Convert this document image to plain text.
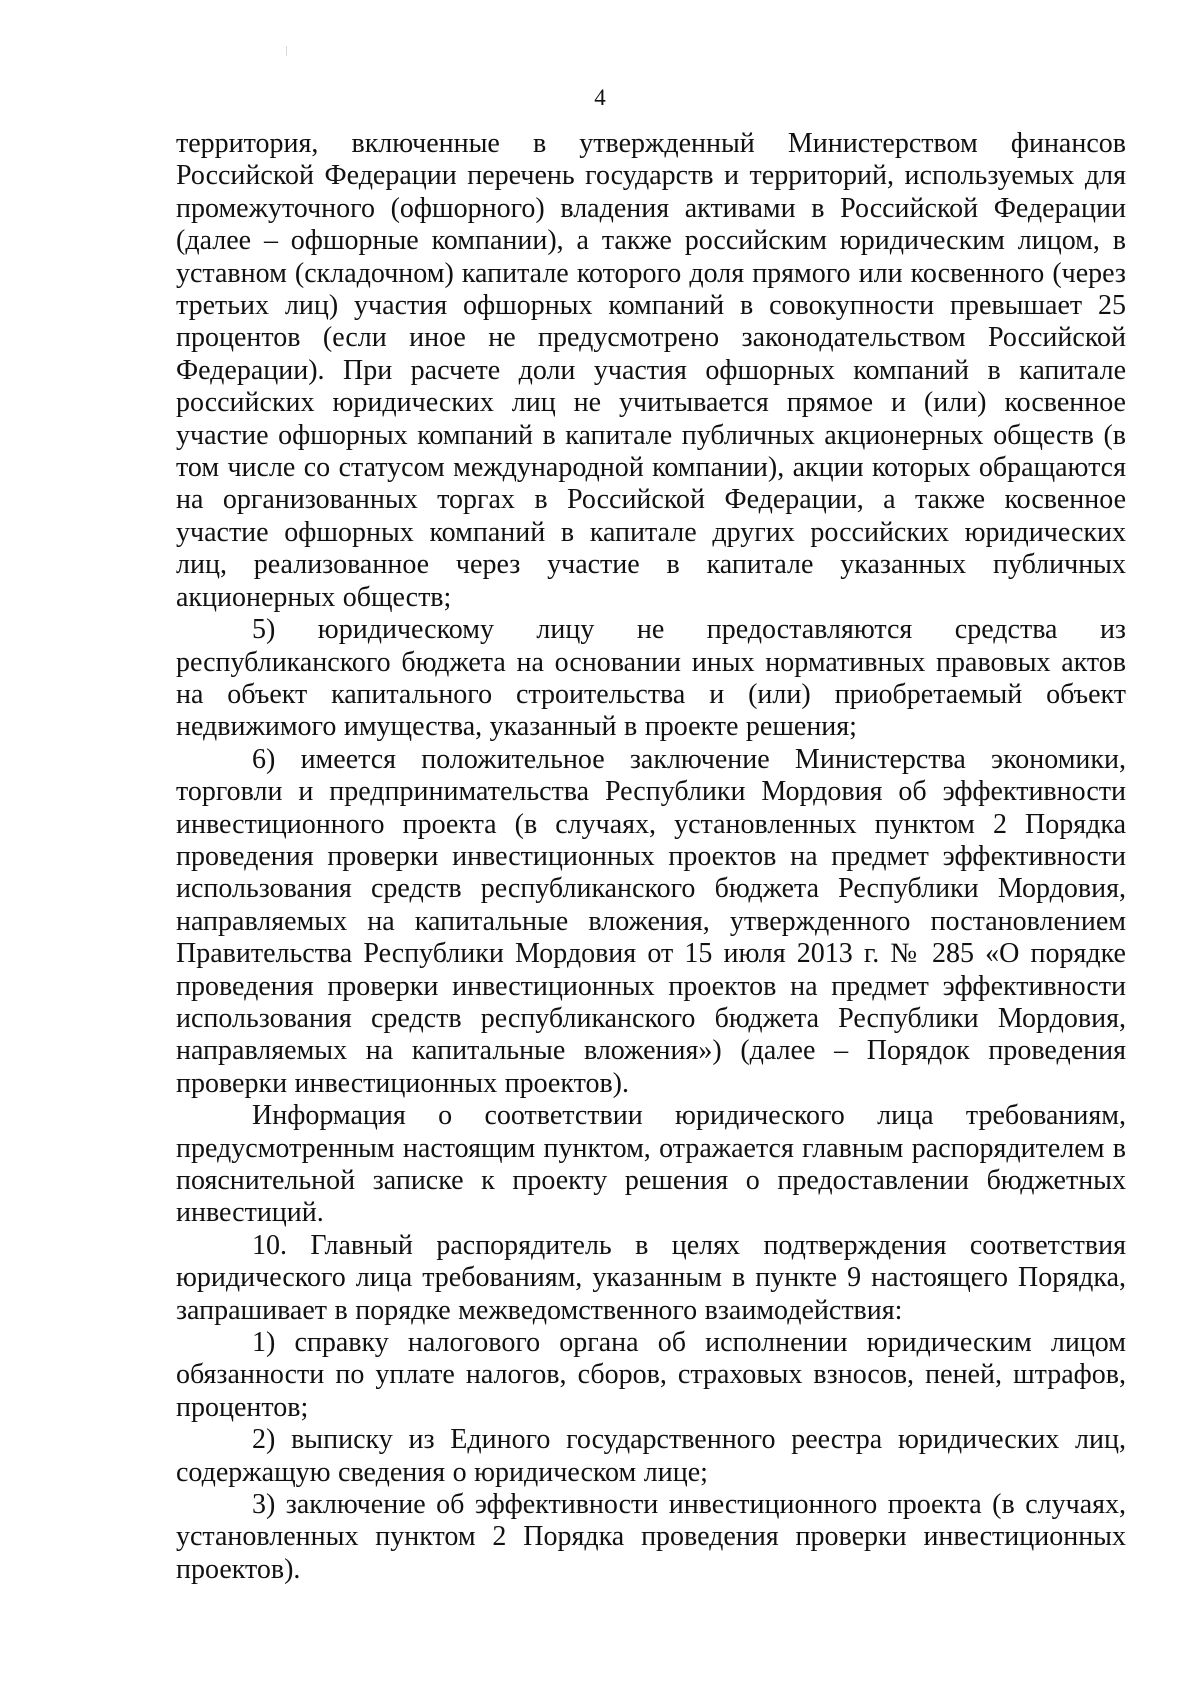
4

территория, включенные в утвержденный Министерством финансов Российской Федерации перечень государств и территорий, используемых для промежуточного (офшорного) владения активами в Российской Федерации (далее – офшорные компании), а также российским юридическим лицом, в уставном (складочном) капитале которого доля прямого или косвенного (через третьих лиц) участия офшорных компаний в совокупности превышает 25 процентов (если иное не предусмотрено законодательством Российской Федерации). При расчете доли участия офшорных компаний в капитале российских юридических лиц не учитывается прямое и (или) косвенное участие офшорных компаний в капитале публичных акционерных обществ (в том числе со статусом международной компании), акции которых обращаются на организованных торгах в Российской Федерации, а также косвенное участие офшорных компаний в капитале других российских юридических лиц, реализованное через участие в капитале указанных публичных акционерных обществ;

5) юридическому лицу не предоставляются средства из республиканского бюджета на основании иных нормативных правовых актов на объект капитального строительства и (или) приобретаемый объект недвижимого имущества, указанный в проекте решения;

6) имеется положительное заключение Министерства экономики, торговли и предпринимательства Республики Мордовия об эффективности инвестиционного проекта (в случаях, установленных пунктом 2 Порядка проведения проверки инвестиционных проектов на предмет эффективности использования средств республиканского бюджета Республики Мордовия, направляемых на капитальные вложения, утвержденного постановлением Правительства Республики Мордовия от 15 июля 2013 г. № 285 «О порядке проведения проверки инвестиционных проектов на предмет эффективности использования средств республиканского бюджета Республики Мордовия, направляемых на капитальные вложения») (далее – Порядок проведения проверки инвестиционных проектов).

Информация о соответствии юридического лица требованиям, предусмотренным настоящим пунктом, отражается главным распорядителем в пояснительной записке к проекту решения о предоставлении бюджетных инвестиций.

10. Главный распорядитель в целях подтверждения соответствия юридического лица требованиям, указанным в пункте 9 настоящего Порядка, запрашивает в порядке межведомственного взаимодействия:

1) справку налогового органа об исполнении юридическим лицом обязанности по уплате налогов, сборов, страховых взносов, пеней, штрафов, процентов;

2) выписку из Единого государственного реестра юридических лиц, содержащую сведения о юридическом лице;

3) заключение об эффективности инвестиционного проекта (в случаях, установленных пунктом 2 Порядка проведения проверки инвестиционных проектов).
